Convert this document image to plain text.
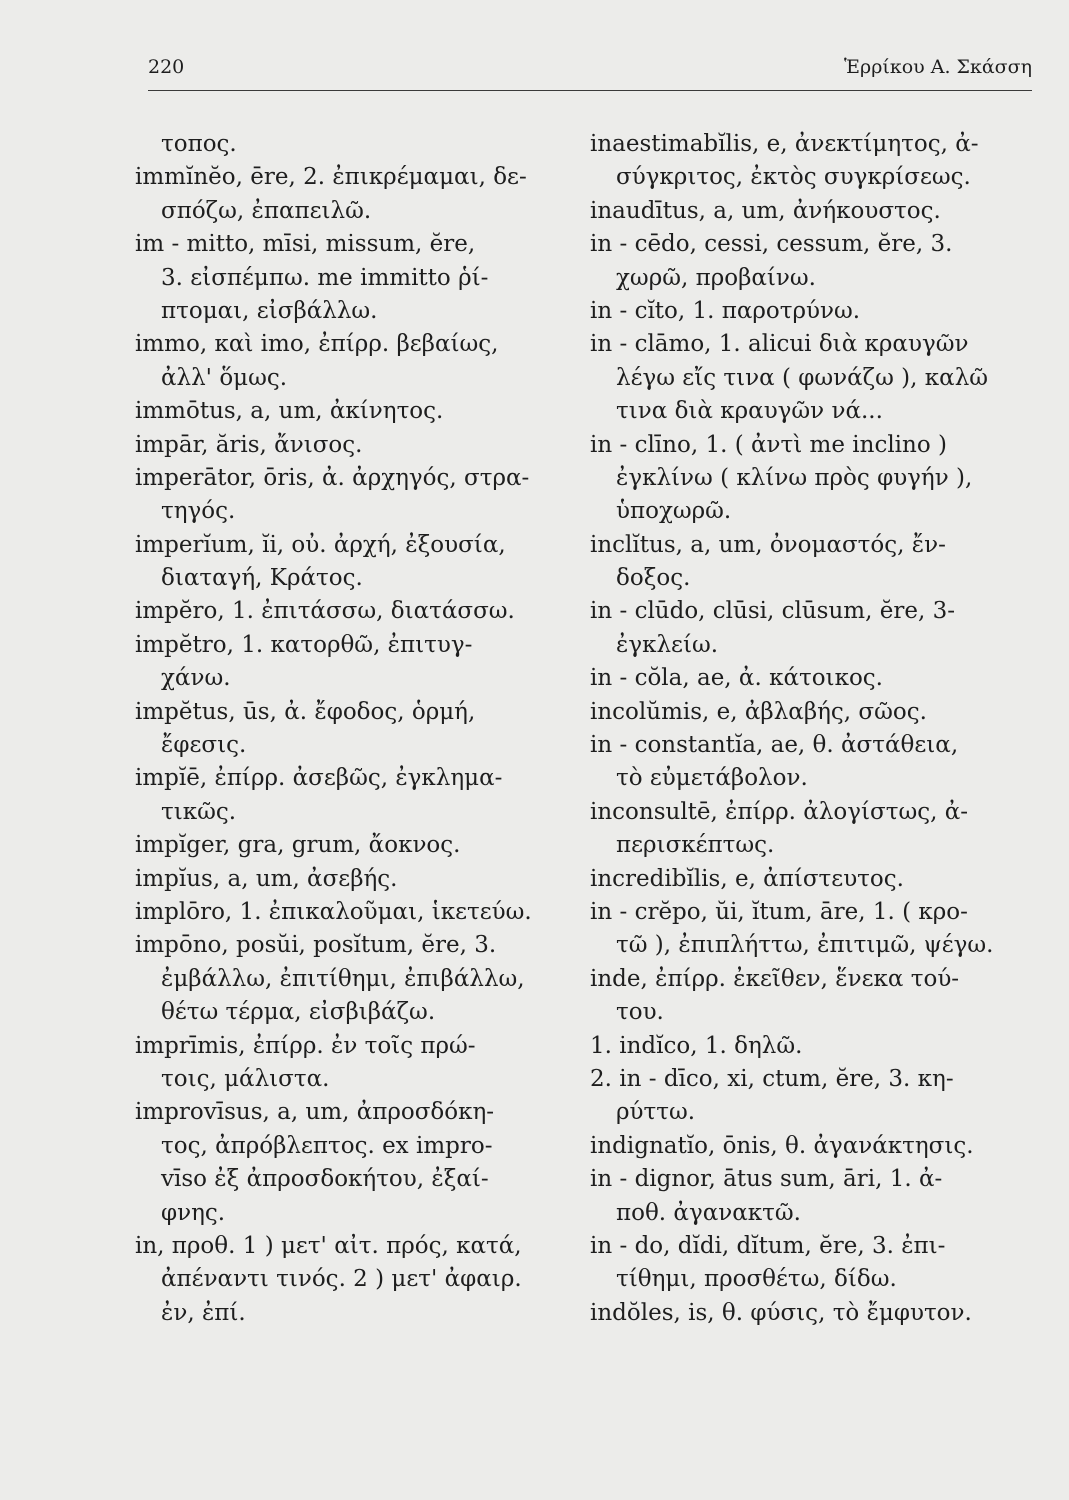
220	Ἑρρίκου Α. Σκάσση
τοπος.
immĭnĕo, ēre, 2. ἐπικρέμαμαι, δε-
σπόζω, ἐπαπειλῶ.
im - mitto, mīsi, missum, ĕre,
3. εἰσπέμπω. me immitto ῥί-
πτομαι, εἰσβάλλω.
immo, καὶ imo, ἐπίρρ. βεβαίως,
ἀλλ' ὅμως.
immōtus, a, um, ἀκίνητος.
impār, ăris, ἄνισος.
imperātor, ōris, ἀ. ἀρχηγός, στρα-
τηγός.
imperĭum, ĭi, οὐ. ἀρχή, ἐξουσία,
διαταγή, Κράτος.
impĕro, 1. ἐπιτάσσω, διατάσσω.
impĕtro, 1. κατορθῶ, ἐπιτυγ-
χάνω.
impĕtus, ūs, ἀ. ἔφοδος, ὁρμή,
ἔφεσις.
impĭē, ἐπίρρ. ἀσεβῶς, ἐγκλημα-
τικῶς.
impĭger, gra, grum, ἄοκνος.
impĭus, a, um, ἀσεβής.
implōro, 1. ἐπικαλοῦμαι, ἱκετεύω.
impōno, posŭi, posĭtum, ĕre, 3.
ἐμβάλλω, ἐπιτίθημι, ἐπιβάλλω,
θέτω τέρμα, εἰσβιβάζω.
imprīmis, ἐπίρρ. ἐν τοῖς πρώ-
τοις, μάλιστα.
improvīsus, a, um, ἀπροσδόκη-
τος, ἀπρόβλεπτος. ex impro-
vīso ἐξ ἀπροσδοκήτου, ἐξαί-
φνης.
in, προθ. 1 ) μετ' αἰτ. πρός, κατά,
ἀπέναντι τινός. 2 ) μετ' ἀφαιρ.
ἐν, ἐπί.
inaestimabĭlis, e, ἀνεκτίμητος, ἀ-
σύγκριτος, ἐκτὸς συγκρίσεως.
inaudītus, a, um, ἀνήκουστος.
in - cēdo, cessi, cessum, ĕre, 3.
χωρῶ, προβαίνω.
in - cĭto, 1. παροτρύνω.
in - clāmo, 1. alicui διὰ κραυγῶν
λέγω εἴς τινα ( φωνάζω ), καλῶ
τινα διὰ κραυγῶν νά...
in - clīno, 1. ( ἀντὶ me inclino )
ἐγκλίνω ( κλίνω πρὸς φυγήν ),
ὑποχωρῶ.
inclĭtus, a, um, ὀνομαστός, ἔν-
δοξος.
in - clūdo, clūsi, clūsum, ĕre, 3-
ἐγκλείω.
in - cŏla, ae, ἀ. κάτοικος.
incolŭmis, e, ἀβλαβής, σῶος.
in - constantĭa, ae, θ. ἀστάθεια,
τὸ εὐμετάβολον.
inconsultē, ἐπίρρ. ἀλογίστως, ἀ-
περισκέπτως.
incredibĭlis, e, ἀπίστευτος.
in - crĕpo, ŭi, ĭtum, āre, 1. ( κρο-
τῶ ), ἐπιπλήττω, ἐπιτιμῶ, ψέγω.
inde, ἐπίρρ. ἐκεῖθεν, ἕνεκα τού-
του.
1. indĭco, 1. δηλῶ.
2. in - dīco, xi, ctum, ĕre, 3. κη-
ρύττω.
indignatĭo, ōnis, θ. ἀγανάκτησις.
in - dignor, ātus sum, āri, 1. ἀ-
ποθ. ἀγανακτῶ.
in - do, dĭdi, dĭtum, ĕre, 3. ἐπι-
τίθημι, προσθέτω, δίδω.
indŏles, is, θ. φύσις, τὸ ἔμφυτον.
